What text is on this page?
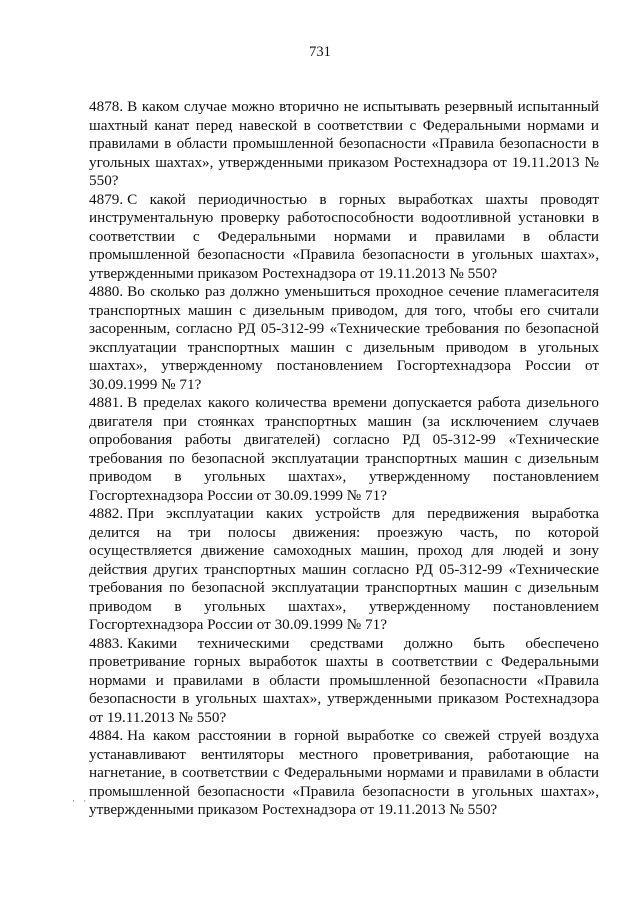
731

4878. В каком случае можно вторично не испытывать резервный испытанный шахтный канат перед навеской в соответствии с Федеральными нормами и правилами в области промышленной безопасности «Правила безопасности в угольных шахтах», утвержденными приказом Ростехнадзора от 19.11.2013 № 550?

4879. С какой периодичностью в горных выработках шахты проводят инструментальную проверку работоспособности водоотливной установки в соответствии с Федеральными нормами и правилами в области промышленной безопасности «Правила безопасности в угольных шахтах», утвержденными приказом Ростехнадзора от 19.11.2013 № 550?

4880. Во сколько раз должно уменьшиться проходное сечение пламегасителя транспортных машин с дизельным приводом, для того, чтобы его считали засоренным, согласно РД 05-312-99 «Технические требования по безопасной эксплуатации транспортных машин с дизельным приводом в угольных шахтах», утвержденному постановлением Госгортехнадзора России от 30.09.1999 № 71?

4881. В пределах какого количества времени допускается работа дизельного двигателя при стоянках транспортных машин (за исключением случаев опробования работы двигателей) согласно РД 05-312-99 «Технические требования по безопасной эксплуатации транспортных машин с дизельным приводом в угольных шахтах», утвержденному постановлением Госгортехнадзора России от 30.09.1999 № 71?

4882. При эксплуатации каких устройств для передвижения выработка делится на три полосы движения: проезжую часть, по которой осуществляется движение самоходных машин, проход для людей и зону действия других транспортных машин согласно РД 05-312-99 «Технические требования по безопасной эксплуатации транспортных машин с дизельным приводом в угольных шахтах», утвержденному постановлением Госгортехнадзора России от 30.09.1999 № 71?

4883. Какими техническими средствами должно быть обеспечено проветривание горных выработок шахты в соответствии с Федеральными нормами и правилами в области промышленной безопасности «Правила безопасности в угольных шахтах», утвержденными приказом Ростехнадзора от 19.11.2013 № 550?

4884. На каком расстоянии в горной выработке со свежей струей воздуха устанавливают вентиляторы местного проветривания, работающие на нагнетание, в соответствии с Федеральными нормами и правилами в области промышленной безопасности «Правила безопасности в угольных шахтах», утвержденными приказом Ростехнадзора от 19.11.2013 № 550?

· ·
